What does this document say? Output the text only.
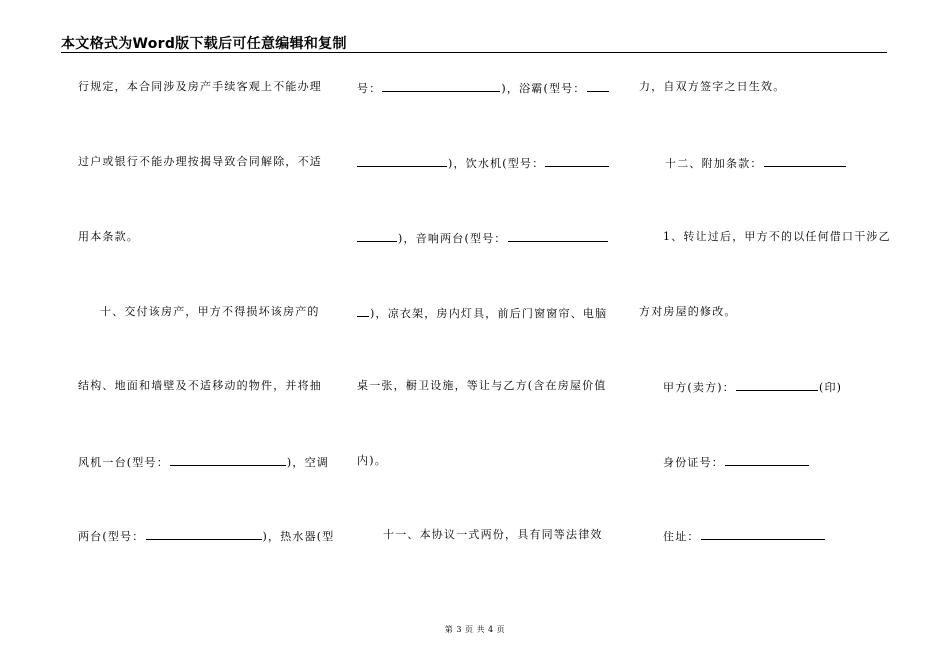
本文格式为Word版下载后可任意编辑和复制
行规定，本合同涉及房产手续客观上不能办理
过户或银行不能办理按揭导致合同解除，不适
用本条款。
十、交付该房产，甲方不得损坏该房产的
结构、地面和墙壁及不适移动的物件，并将抽
风机一台(型号：	)，空调
两台(型号：	)，热水器(型
号：	)，浴霸(型号：
)，饮水机(型号：
)，音响两台(型号：
)，凉衣架，房内灯具，前后门窗窗帘、电脑
桌一张，橱卫设施，等让与乙方(含在房屋价值
内)。
十一、本协议一式两份，具有同等法律效
力，自双方签字之日生效。
十二、附加条款：
1、转让过后，甲方不的以任何借口干涉乙
方对房屋的修改。
甲方(卖方)：	(印)
身份证号：
住址：
第 3 页 共 4 页
